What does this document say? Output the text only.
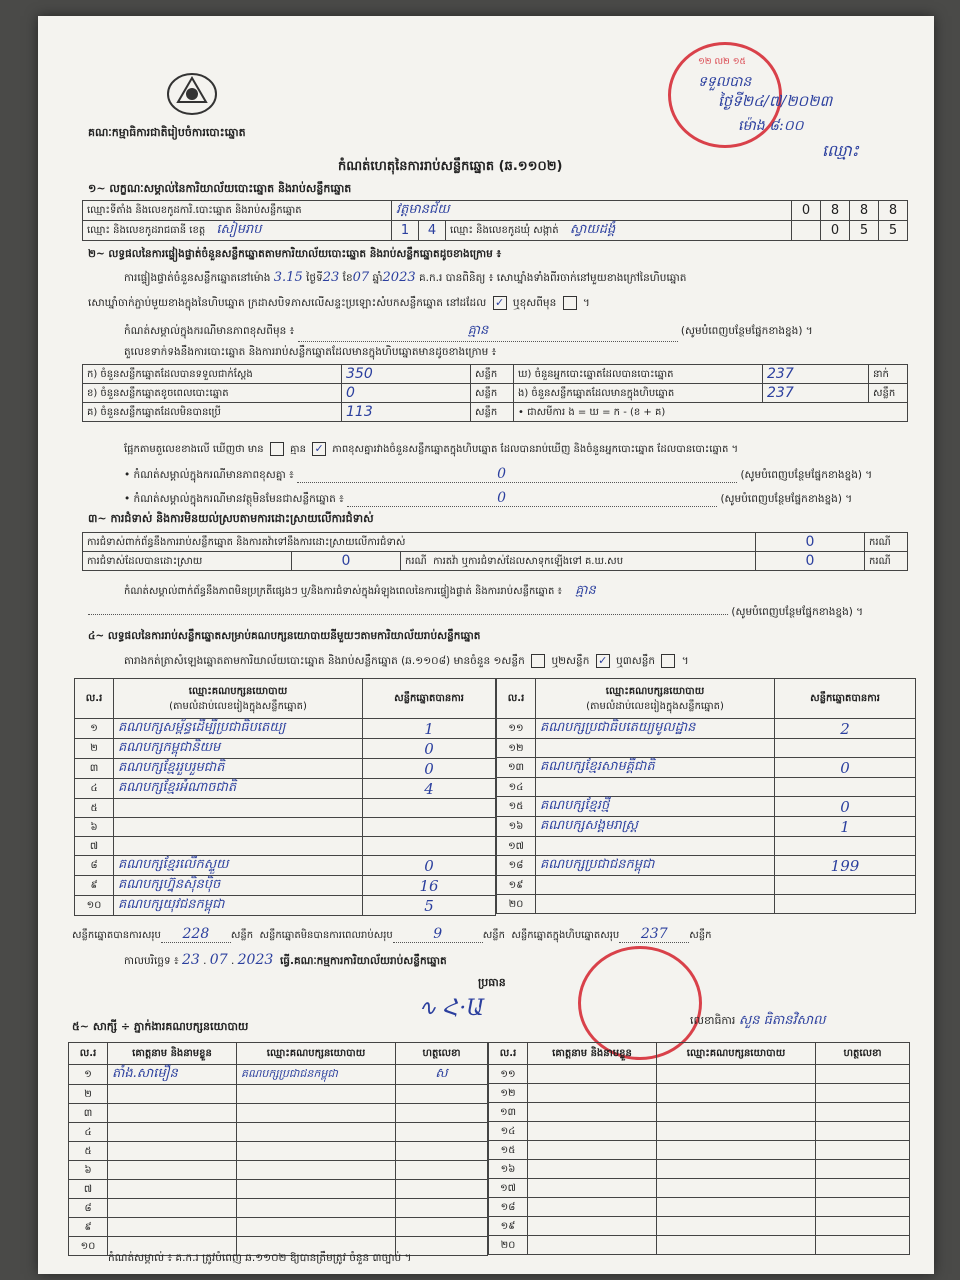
គណៈកម្មាធិការជាតិរៀបចំការបោះឆ្នោត
១២ ល២ ១៥
ទទួលបាន
ថ្ងៃទី២៤/៧/២០២៣
ម៉ោង ៨:០០
ឈ្មោះ
កំណត់ហេតុនៃការរាប់សន្លឹកឆ្នោត (ឆ.១១០២)
១~ លក្ខណៈសម្គាល់នៃការិយាល័យបោះឆ្នោត និងរាប់សន្លឹកឆ្នោត
ឈ្មោះទីតាំង និងលេខកូដការិ.បោះឆ្នោត និងរាប់សន្លឹកឆ្នោត	វត្តមានជ័យ			0	8	8	8
ឈ្មោះ និងលេខកូដរាជធានី ខេត្ត សៀមរាប	1	4	ឈ្មោះ និងលេខកូដឃុំ សង្កាត់ ស្វាយដង្គំ		0	5	5
២~ លទ្ធផលនៃការផ្ទៀងផ្ទាត់ចំនួនសន្លឹកឆ្នោតតាមការិយាល័យបោះឆ្នោត និងរាប់សន្លឹកឆ្នោតដូចខាងក្រោម ៖
ការផ្ទៀងផ្ទាត់ចំនួនសន្លឹកឆ្នោតនៅម៉ោង 3.15 ថ្ងៃទី23 ខែ07 ឆ្នាំ2023 គ.ក.រ បានពិនិត្យ ៖ សោឃ្នាំងទាំងពីរចាក់នៅមួយខាងក្រៅនៃហិបឆ្នោត
សោឃ្នាំចាក់ភ្ជាប់មួយខាងក្នុងនៃហិបឆ្នោត ក្រដាសបិទភាសលើសន្ទះប្រឡោះសំបកសន្លឹកឆ្នោត នៅដដែល ✓ ឬខុសពីមុន  ។
កំណត់សម្គាល់ក្នុងករណីមានភាពខុសពីមុន ៖	គ្មាន	(សូមបំពេញបន្ថែមផ្នែកខាងខ្នង) ។
តួលេខទាក់ទងនឹងការបោះឆ្នោត និងការរាប់សន្លឹកឆ្នោតដែលមានក្នុងហិបឆ្នោតមានដូចខាងក្រោម ៖
ក) ចំនួនសន្លឹកឆ្នោតដែលបានទទួលជាក់ស្តែង	350	សន្លឹក	ឃ) ចំនួនអ្នកបោះឆ្នោតដែលបានបោះឆ្នោត	237	នាក់
ខ) ចំនួនសន្លឹកឆ្នោតខូចពេលបោះឆ្នោត	0	សន្លឹក	ង) ចំនួនសន្លឹកឆ្នោតដែលមានក្នុងហិបឆ្នោត	237	សន្លឹក
គ) ចំនួនសន្លឹកឆ្នោតដែលមិនបានប្រើ	113	សន្លឹក	• ជាសមីការ ង = ឃ = ក - (ខ + គ)		
ផ្អែកតាមតួលេខខាងលើ ឃើញថា មាន	គ្មាន ✓ ភាពខុសគ្នារវាងចំនួនសន្លឹកឆ្នោតក្នុងហិបឆ្នោត ដែលបានរាប់ឃើញ និងចំនួនអ្នកបោះឆ្នោត ដែលបានបោះឆ្នោត ។
• កំណត់សម្គាល់ក្នុងករណីមានភាពខុសគ្នា ៖	0	(សូមបំពេញបន្ថែមផ្នែកខាងខ្នង) ។
• កំណត់សម្គាល់ក្នុងករណីមានវត្ថុមិនមែនជាសន្លឹកឆ្នោត ៖	0	(សូមបំពេញបន្ថែមផ្នែកខាងខ្នង) ។
៣~ ការជំទាស់ និងការមិនយល់ស្របតាមការដោះស្រាយលើការជំទាស់
ការជំទាស់ពាក់ព័ន្ធនឹងការរាប់សន្លឹកឆ្នោត និងការតវ៉ាទៅនឹងការដោះស្រាយលើការជំទាស់			0	ករណី
ការជំទាស់ដែលបានដោះស្រាយ	0	ករណី ការតវ៉ា ឬការជំទាស់ដែលសាទុកឡើងទៅ គ.ឃ.សប	0	ករណី
កំណត់សម្គាល់ពាក់ព័ន្ធនឹងភាពមិនប្រក្រតីផ្សេងៗ ឬ/និងការជំទាស់ក្នុងអំឡុងពេលនៃការផ្ទៀងផ្ទាត់ និងការរាប់សន្លឹកឆ្នោត ៖ គ្មាន
(សូមបំពេញបន្ថែមផ្នែកខាងខ្នង) ។
៤~ លទ្ធផលនៃការរាប់សន្លឹកឆ្នោតសម្រាប់គណបក្សនយោបាយនីមួយៗតាមការិយាល័យរាប់សន្លឹកឆ្នោត
តារាងកត់ត្រាសំឡេងឆ្នោតតាមការិយាល័យបោះឆ្នោត និងរាប់សន្លឹកឆ្នោត (ឆ.១១០៨) មានចំនួន ១សន្លឹក	ឬ២សន្លឹក ✓ ឬ៣សន្លឹក  ។
ល.រ	ឈ្មោះគណបក្សនយោបាយ
(តាមលំដាប់លេខរៀងក្នុងសន្លឹកឆ្នោត)	សន្លឹកឆ្នោតបានការ
១	គណបក្សសម្ព័ន្ធដើម្បីប្រជាធិបតេយ្យ	1
២	គណបក្សកម្ពុជានិយម	0
៣	គណបក្សខ្មែររួបរួមជាតិ	0
៤	គណបក្សខ្មែរអំណាចជាតិ	4
៥		
៦		
៧		
៨	គណបក្សខ្មែរលើកស្ទួយ	0
៩	គណបក្សហ្វ៊ុនស៊ិនប៉ិច	16
១០	គណបក្សយុវជនកម្ពុជា	5
ល.រ	ឈ្មោះគណបក្សនយោបាយ
(តាមលំដាប់លេខរៀងក្នុងសន្លឹកឆ្នោត)	សន្លឹកឆ្នោតបានការ
១១	គណបក្សប្រជាធិបតេយ្យមូលដ្ឋាន	2
១២		
១៣	គណបក្សខ្មែរសាមគ្គីជាតិ	0
១៤		
១៥	គណបក្សខ្មែរថ្មី	0
១៦	គណបក្សសង្គមរាស្ត្រ	1
១៧		
១៨	គណបក្សប្រជាជនកម្ពុជា	199
១៩		
២០		
សន្លឹកឆ្នោតបានការសរុប 228 សន្លឹក សន្លឹកឆ្នោតមិនបានការពេលរាប់សរុប	9	សន្លឹក សន្លឹកឆ្នោតក្នុងហិបឆ្នោតសរុប 237 សន្លឹក
កាលបរិច្ឆេទ ៖ 23 . 07 . 2023 ធ្វើ.គណៈកម្មការការិយាល័យរាប់សន្លឹកឆ្នោត
ប្រធាន
∿ Հ·Ա	លេខាធិការ សួន ធិតានវិសាល
៥~ សាក្សី ÷ ភ្នាក់ងារគណបក្សនយោបាយ
ល.រ	គោត្តនាម និងនាមខ្លួន	ឈ្មោះគណបក្សនយោបាយ	ហត្ថលេខា
១	តាំង.សាមឿន	គណបក្សប្រជាជនកម្ពុជា	ស
២			
៣			
៤			
៥			
៦			
៧			
៨			
៩			
១០			
ល.រ	គោត្តនាម និងនាមខ្លួន	ឈ្មោះគណបក្សនយោបាយ	ហត្ថលេខា
១១			
១២			
១៣			
១៤			
១៥			
១៦			
១៧			
១៨			
១៩			
២០			
កំណត់សម្គាល់ ៖ គ.ក.រ ត្រូវបំពេញ ឆ.១១០២ ឱ្យបានត្រឹមត្រូវ ចំនួន ៣ច្បាប់ ។
